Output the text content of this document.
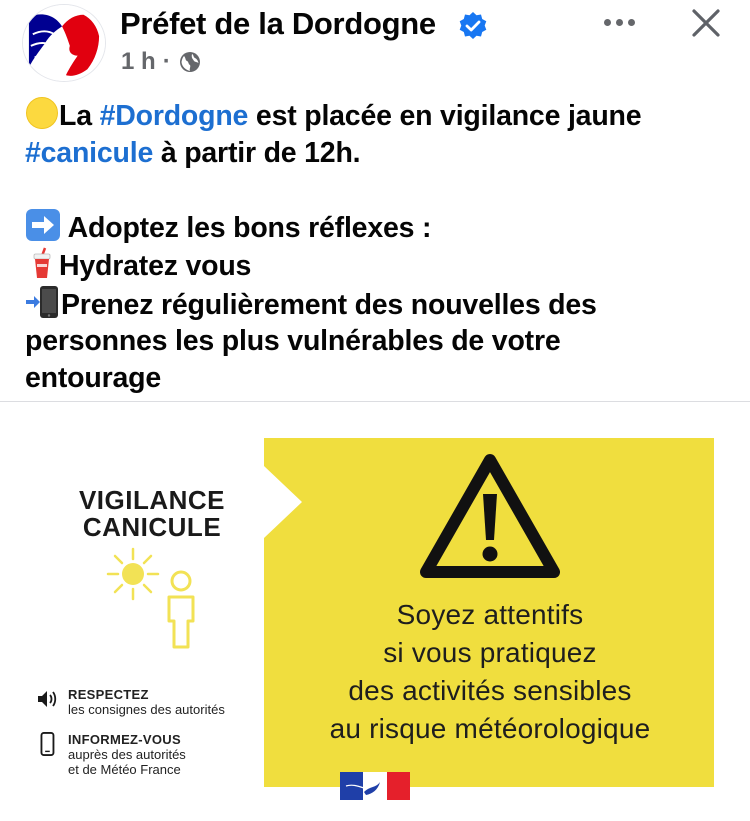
Préfet de la Dordogne
1 h ·
La #Dordogne est placée en vigilance jaune
#canicule à partir de 12h.
Adoptez les bons réflexes :
Hydratez vous
Prenez régulièrement des nouvelles des
personnes les plus vulnérables de votre
entourage
VIGILANCE
CANICULE
RESPECTEZ
les consignes des autorités
INFORMEZ-VOUS
auprès des autorités
et de Météo France
Soyez attentifs
si vous pratiquez
des activités sensibles
au risque météorologique
